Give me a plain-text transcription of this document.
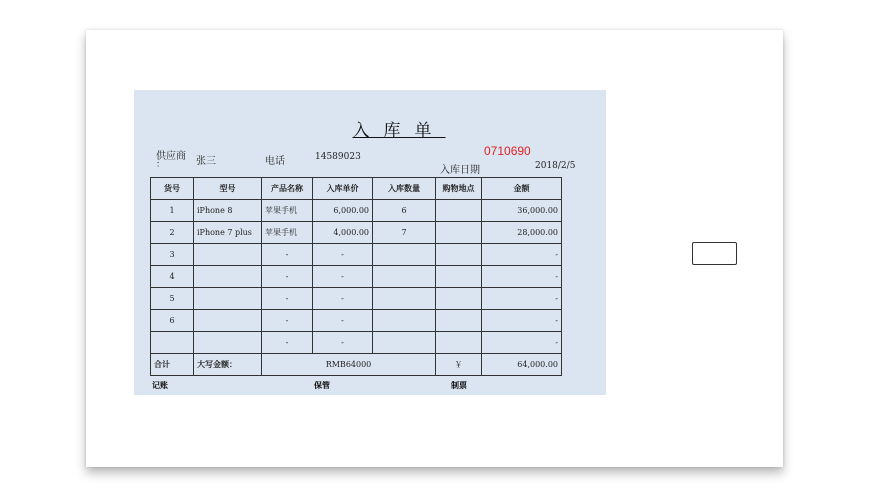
入库单
0710690
供应商
：	张三	电话	14589023
入库日期	2018/2/5
货号	型号	产品名称	入库单价	入库数量	购物地点	金额
1	iPhone 8	苹果手机	6,000.00	6		36,000.00
2	iPhone 7 plus	苹果手机	4,000.00	7		28,000.00
3		-	-			-
4		-	-			-
5		-	-			-
6		-	-			-
		-	-			-
合计	大写金额：	RMB64000			￥	64,000.00
记账	保管	制票
